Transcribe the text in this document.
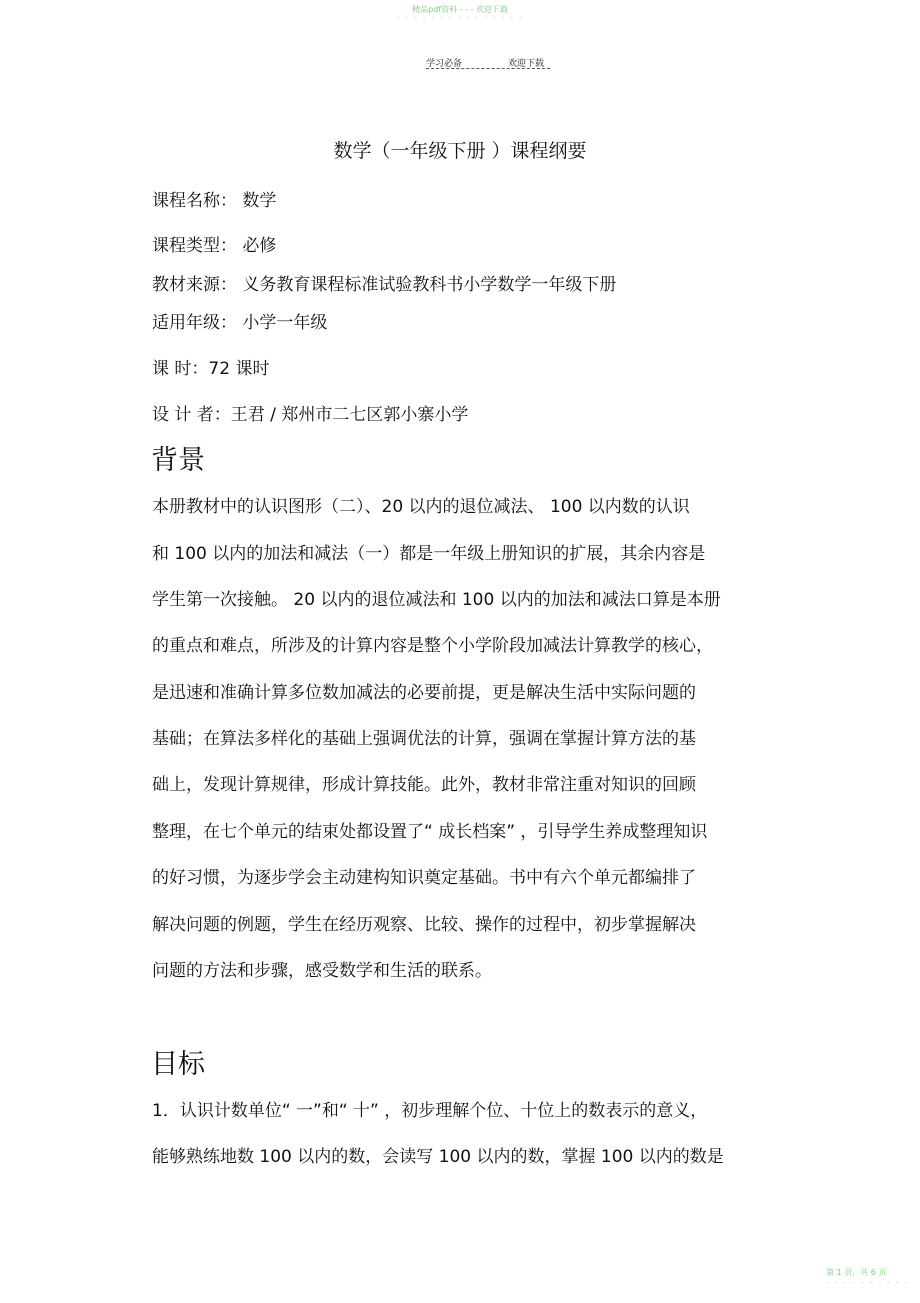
精品pdf资料 - - - 欢迎下载
- - - - - - - - - - - - - - -
学习必备	欢迎下载
数学（一年级下册 ）课程纲要
课程名称： 数学
课程类型： 必修
教材来源： 义务教育课程标准试验教科书小学数学一年级下册
适用年级： 小学一年级
课 时：72 课时
设 计 者：王君 / 郑州市二七区郭小寨小学
背景
本册教材中的认识图形（二）、20 以内的退位减法、 100 以内数的认识
和 100 以内的加法和减法（一）都是一年级上册知识的扩展，其余内容是
学生第一次接触。 20 以内的退位减法和 100 以内的加法和减法口算是本册
的重点和难点，所涉及的计算内容是整个小学阶段加减法计算教学的核心，
是迅速和准确计算多位数加减法的必要前提，更是解决生活中实际问题的
基础；在算法多样化的基础上强调优法的计算，强调在掌握计算方法的基
础上，发现计算规律，形成计算技能。此外，教材非常注重对知识的回顾
整理，在七个单元的结束处都设置了“ 成长档案” ，引导学生养成整理知识
的好习惯，为逐步学会主动建构知识奠定基础。书中有六个单元都编排了
解决问题的例题，学生在经历观察、比较、操作的过程中，初步掌握解决
问题的方法和步骤，感受数学和生活的联系。
目标
1．认识计数单位“ 一”和“ 十” ，初步理解个位、十位上的数表示的意义，
能够熟练地数 100 以内的数，会读写 100 以内的数，掌握 100 以内的数是
第 1 页，共 6 页
- - - - - - - - - -
